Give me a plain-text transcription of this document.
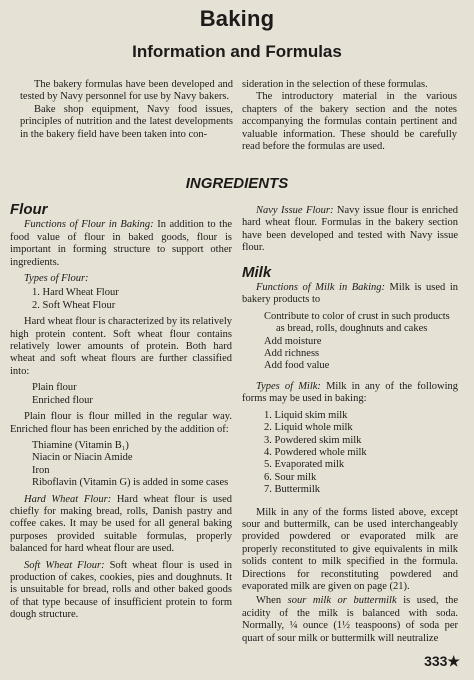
Baking
Information and Formulas

The bakery formulas have been developed and tested by Navy personnel for use by Navy bakers.

Bake shop equipment, Navy food issues, principles of nutrition and the latest developments in the bakery field have been taken into con-

sideration in the selection of these formulas.

The introductory material in the various chapters of the bakery section and the notes accompanying the formulas contain pertinent and valuable information. These should be carefully read before the formulas are used.

INGREDIENTS
Flour

Functions of Flour in Baking: In addition to the food value of flour in baked goods, flour is important in forming structure to support other ingredients.

Types of Flour:

1. Hard Wheat Flour
2. Soft Wheat Flour

Hard wheat flour is characterized by its relatively high protein content. Soft wheat flour contains relatively lower amounts of protein. Both hard wheat and soft wheat flours are further classified into:

Plain flour
Enriched flour

Plain flour is flour milled in the regular way. Enriched flour has been enriched by the addition of:

Thiamine (Vitamin B₁)
Niacin or Niacin Amide
Iron
Riboflavin (Vitamin G) is added in some cases

Hard Wheat Flour: Hard wheat flour is used chiefly for making bread, rolls, Danish pastry and coffee cakes. It may be used for all general baking purposes provided suitable formulas, properly balanced for hard wheat flour are used.

Soft Wheat Flour: Soft wheat flour is used in production of cakes, cookies, pies and doughnuts. It is unsuitable for bread, rolls and other baked goods of that type because of insufficient protein to form dough structure.

Navy Issue Flour: Navy issue flour is enriched hard wheat flour. Formulas in the bakery section have been developed and tested with Navy issue flour.

Milk

Functions of Milk in Baking: Milk is used in bakery products to

Contribute to color of crust in such products as bread, rolls, doughnuts and cakes
Add moisture
Add richness
Add food value

Types of Milk: Milk in any of the following forms may be used in baking:

1. Liquid skim milk
2. Liquid whole milk
3. Powdered skim milk
4. Powdered whole milk
5. Evaporated milk
6. Sour milk
7. Buttermilk

Milk in any of the forms listed above, except sour and buttermilk, can be used interchangeably provided powdered or evaporated milk are properly reconstituted to give equivalents in milk solids content to milk specified in the formula. Directions for reconstituting powdered and evaporated milk are given on page (21).

When sour milk or buttermilk is used, the acidity of the milk is balanced with soda. Normally, ¼ ounce (1½ teaspoons) of soda per quart of sour milk or buttermilk will neutralize

333★
